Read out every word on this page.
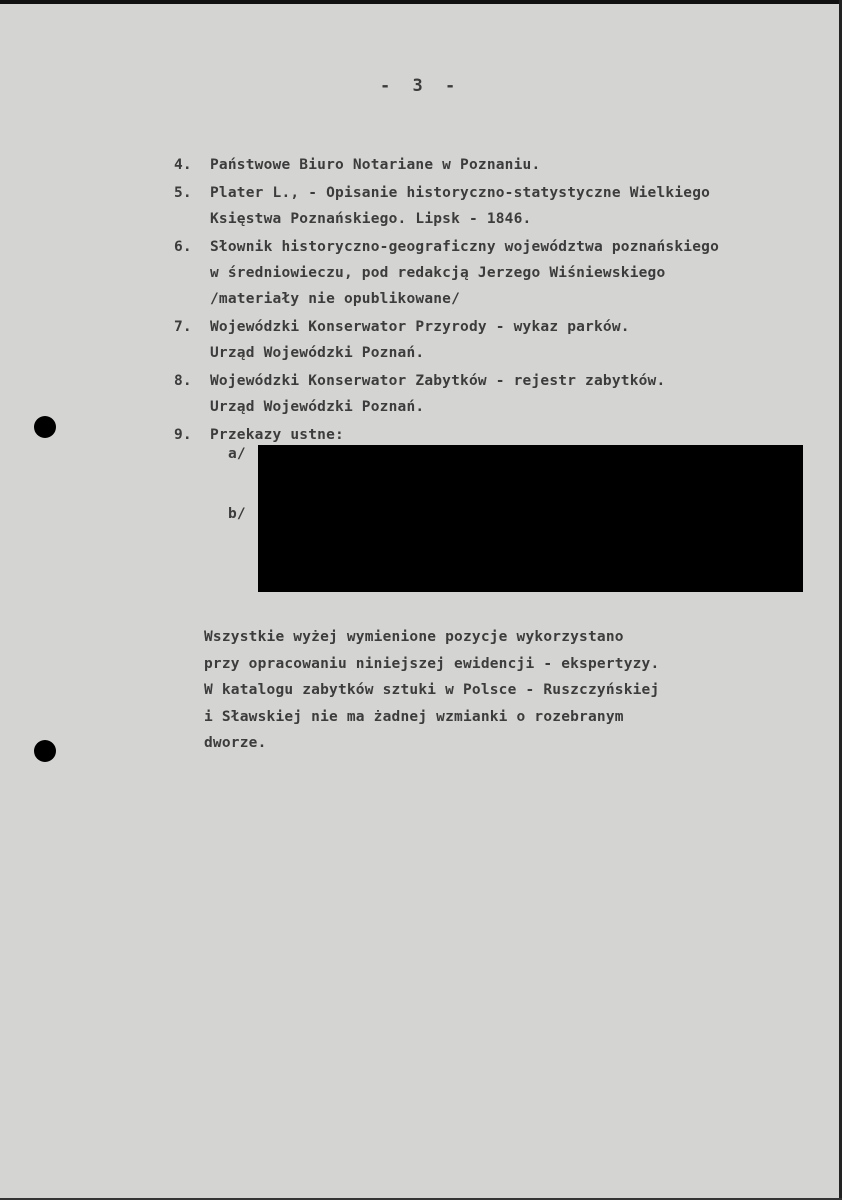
- 3 -
4. Państwowe Biuro Notariane w Poznaniu.
5. Plater L., - Opisanie historyczno-statystyczne Wielkiego
Księstwa Poznańskiego. Lipsk - 1846.
6. Słownik historyczno-geograficzny województwa poznańskiego
w średniowieczu, pod redakcją Jerzego Wiśniewskiego
/materiały nie opublikowane/
7. Wojewódzki Konserwator Przyrody - wykaz parków.
Urząd Wojewódzki Poznań.
8. Wojewódzki Konserwator Zabytków - rejestr zabytków.
Urząd Wojewódzki Poznań.
9. Przekazy ustne:
a/
b/
Wszystkie wyżej wymienione pozycje wykorzystano
przy opracowaniu niniejszej ewidencji - ekspertyzy.
W katalogu zabytków sztuki w Polsce - Ruszczyńskiej
i Sławskiej nie ma żadnej wzmianki o rozebranym
dworze.
